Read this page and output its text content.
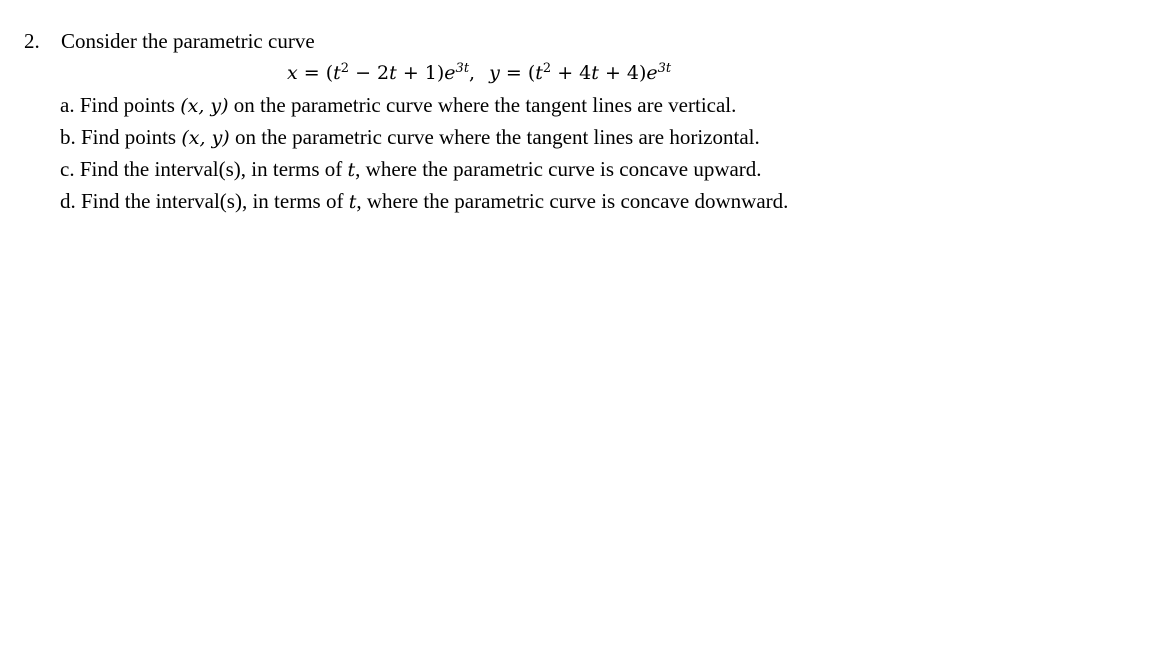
2. Consider the parametric curve
$x = (t^2 - 2t + 1)e^{3t}$, $y = (t^2 + 4t + 4)e^{3t}$
a. Find points (x, y) on the parametric curve where the tangent lines are vertical.
b. Find points (x, y) on the parametric curve where the tangent lines are horizontal.
c. Find the interval(s), in terms of t, where the parametric curve is concave upward.
d. Find the interval(s), in terms of t, where the parametric curve is concave downward.
